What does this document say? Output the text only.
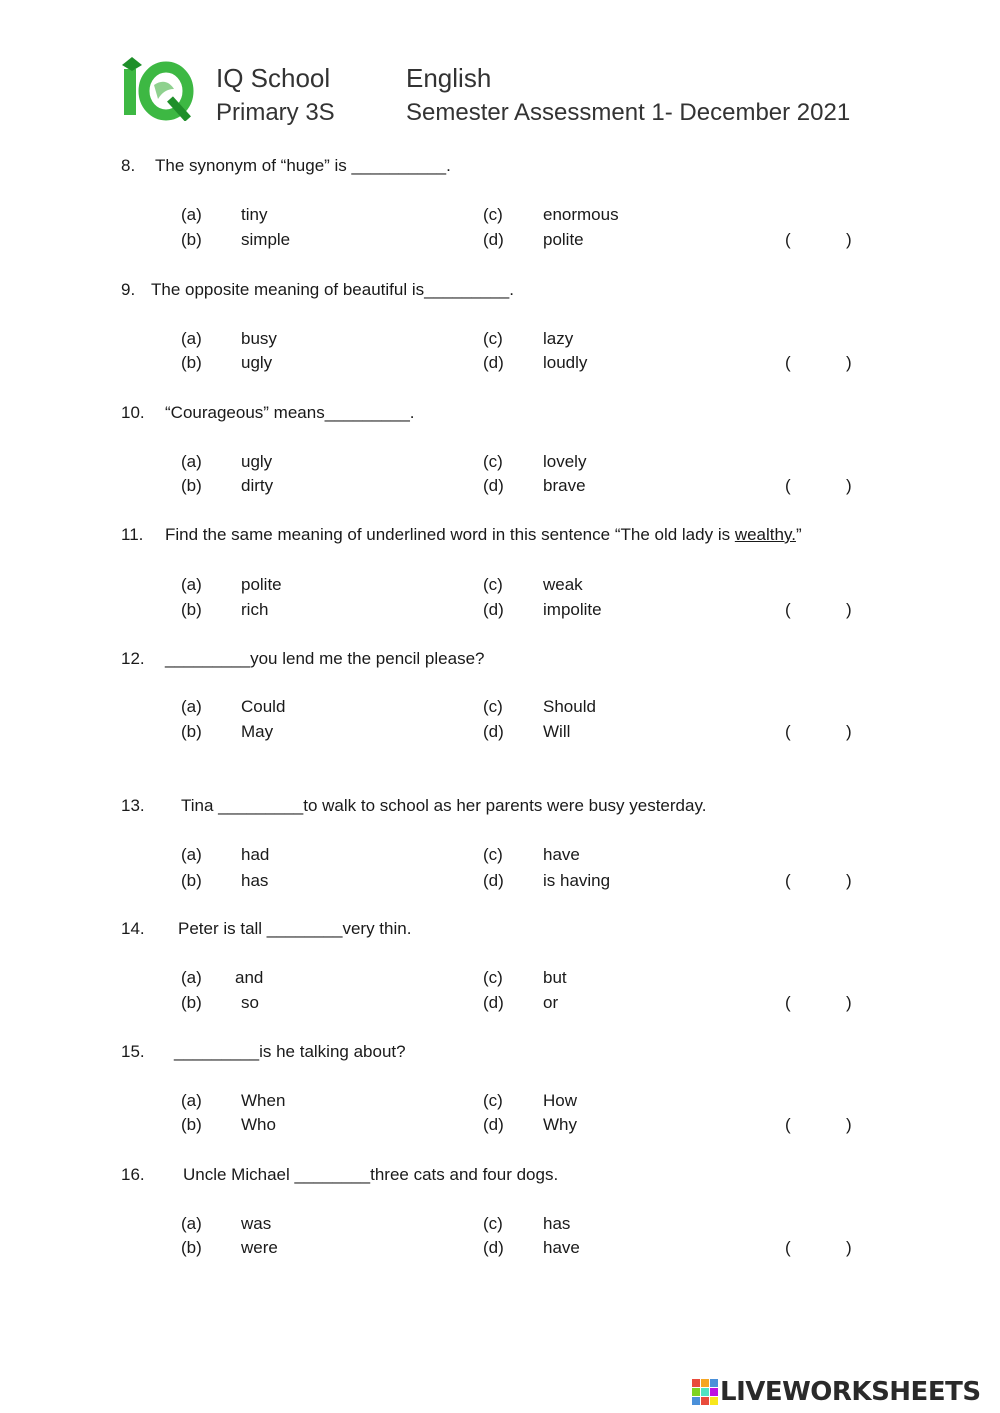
IQ School
Primary 3S
English
Semester Assessment 1- December 2021
8. The synonym of “huge” is __________.
(a) tiny
(b) simple
(c) enormous
(d) polite	(	)
9. The opposite meaning of beautiful is_________.
(a) busy
(b) ugly
(c) lazy
(d) loudly	(	)
10. “Courageous” means_________.
(a) ugly
(b) dirty
(c) lovely
(d) brave	(	)
11. Find the same meaning of underlined word in this sentence “The old lady is wealthy.”
(a) polite
(b) rich
(c) weak
(d) impolite	(	)
12. _________you lend me the pencil please?
(a) Could
(b) May
(c) Should
(d) Will	(	)
13. Tina _________to walk to school as her parents were busy yesterday.
(a) had
(b) has
(c) have
(d) is having	(	)
14. Peter is tall ________very thin.
(a) and
(b) so
(c) but
(d) or	(	)
15. _________is he talking about?
(a) When
(b) Who
(c) How
(d) Why	(	)
16. Uncle Michael ________three cats and four dogs.
(a) was
(b) were
(c) has
(d) have	(	)
LIVEWORKSHEETS
